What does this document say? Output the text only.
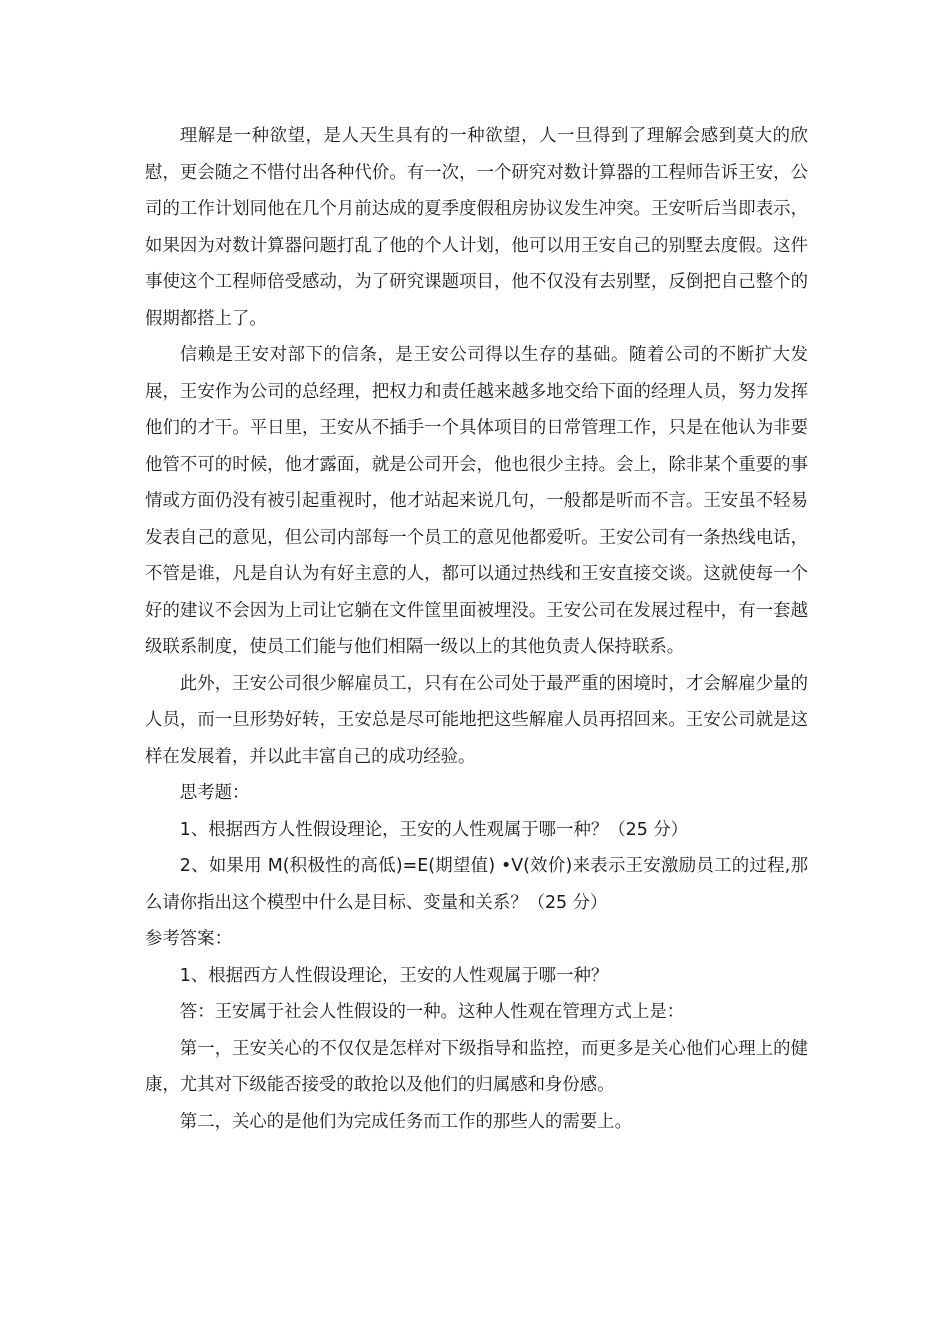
理解是一种欲望，是人天生具有的一种欲望，人一旦得到了理解会感到莫大的欣慰，更会随之不惜付出各种代价。有一次，一个研究对数计算器的工程师告诉王安，公司的工作计划同他在几个月前达成的夏季度假租房协议发生冲突。王安听后当即表示，如果因为对数计算器问题打乱了他的个人计划，他可以用王安自己的别墅去度假。这件事使这个工程师倍受感动，为了研究课题项目，他不仅没有去别墅，反倒把自己整个的假期都搭上了。

信赖是王安对部下的信条，是王安公司得以生存的基础。随着公司的不断扩大发展，王安作为公司的总经理，把权力和责任越来越多地交给下面的经理人员，努力发挥他们的才干。平日里，王安从不插手一个具体项目的日常管理工作，只是在他认为非要他管不可的时候，他才露面，就是公司开会，他也很少主持。会上，除非某个重要的事情或方面仍没有被引起重视时，他才站起来说几句，一般都是听而不言。王安虽不轻易发表自己的意见，但公司内部每一个员工的意见他都爱听。王安公司有一条热线电话，不管是谁，凡是自认为有好主意的人，都可以通过热线和王安直接交谈。这就使每一个好的建议不会因为上司让它躺在文件筐里面被埋没。王安公司在发展过程中，有一套越级联系制度，使员工们能与他们相隔一级以上的其他负责人保持联系。

此外，王安公司很少解雇员工，只有在公司处于最严重的困境时，才会解雇少量的人员，而一旦形势好转，王安总是尽可能地把这些解雇人员再招回来。王安公司就是这样在发展着，并以此丰富自己的成功经验。

思考题：

1、根据西方人性假设理论，王安的人性观属于哪一种？（25 分）

2、如果用 M(积极性的高低)=E(期望值) •V(效价)来表示王安激励员工的过程,那么请你指出这个模型中什么是目标、变量和关系？（25 分）

参考答案：

1、根据西方人性假设理论，王安的人性观属于哪一种？

答：王安属于社会人性假设的一种。这种人性观在管理方式上是：

第一，王安关心的不仅仅是怎样对下级指导和监控，而更多是关心他们心理上的健康，尤其对下级能否接受的敢抢以及他们的归属感和身份感。

第二，关心的是他们为完成任务而工作的那些人的需要上。
